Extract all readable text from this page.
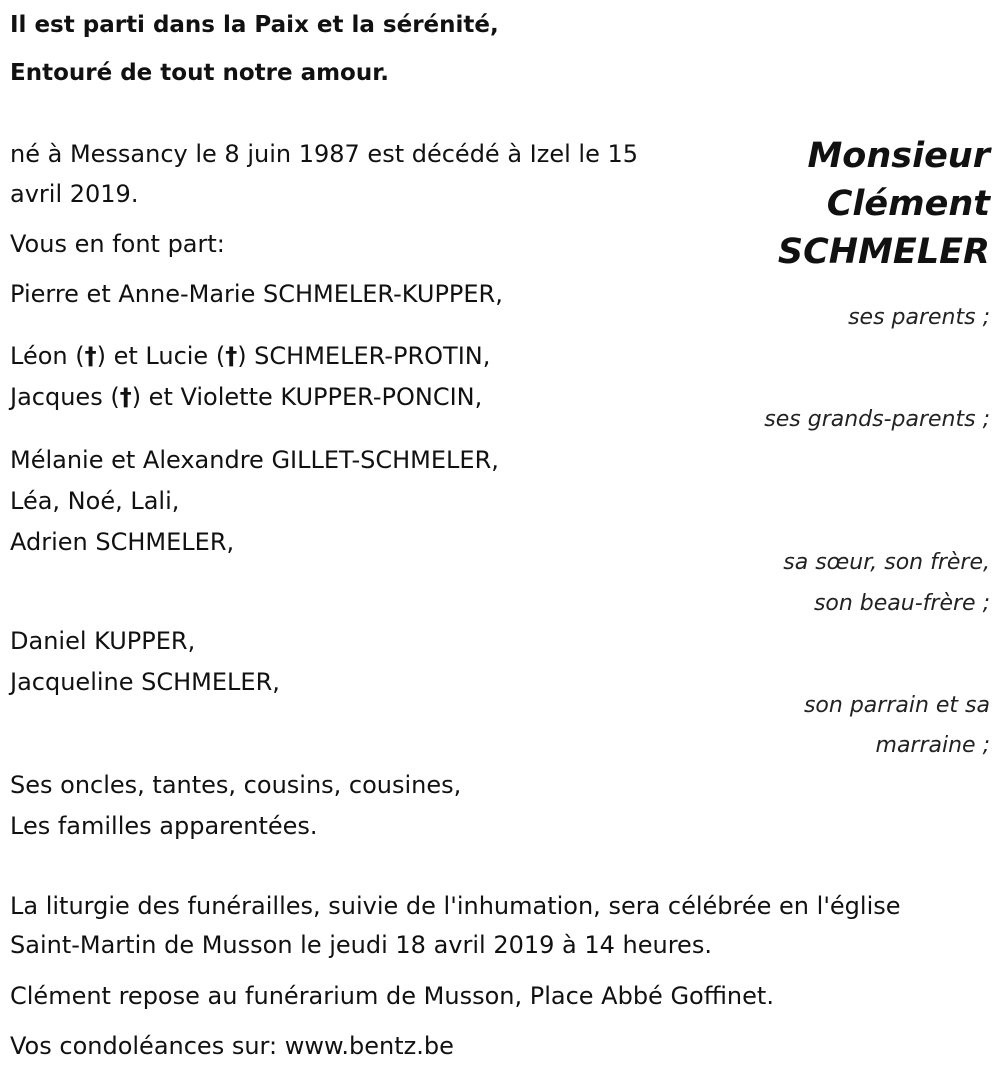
Il est parti dans la Paix et la sérénité,
Entouré de tout notre amour.
Monsieur
Clément
SCHMELER
né à Messancy le 8 juin 1987 est décédé à Izel le 15
avril 2019.
Vous en font part:
Pierre et Anne-Marie SCHMELER-KUPPER,
ses parents ;
Léon (†) et Lucie (†) SCHMELER-PROTIN,
Jacques (†) et Violette KUPPER-PONCIN,
ses grands-parents ;
Mélanie et Alexandre GILLET-SCHMELER,
Léa, Noé, Lali,
Adrien SCHMELER,
sa sœur, son frère,
son beau-frère ;
Daniel KUPPER,
Jacqueline SCHMELER,
son parrain et sa
marraine ;
Ses oncles, tantes, cousins, cousines,
Les familles apparentées.
La liturgie des funérailles, suivie de l'inhumation, sera célébrée en l'église
Saint-Martin de Musson le jeudi 18 avril 2019 à 14 heures.
Clément repose au funérarium de Musson, Place Abbé Goffinet.
Vos condoléances sur: www.bentz.be
